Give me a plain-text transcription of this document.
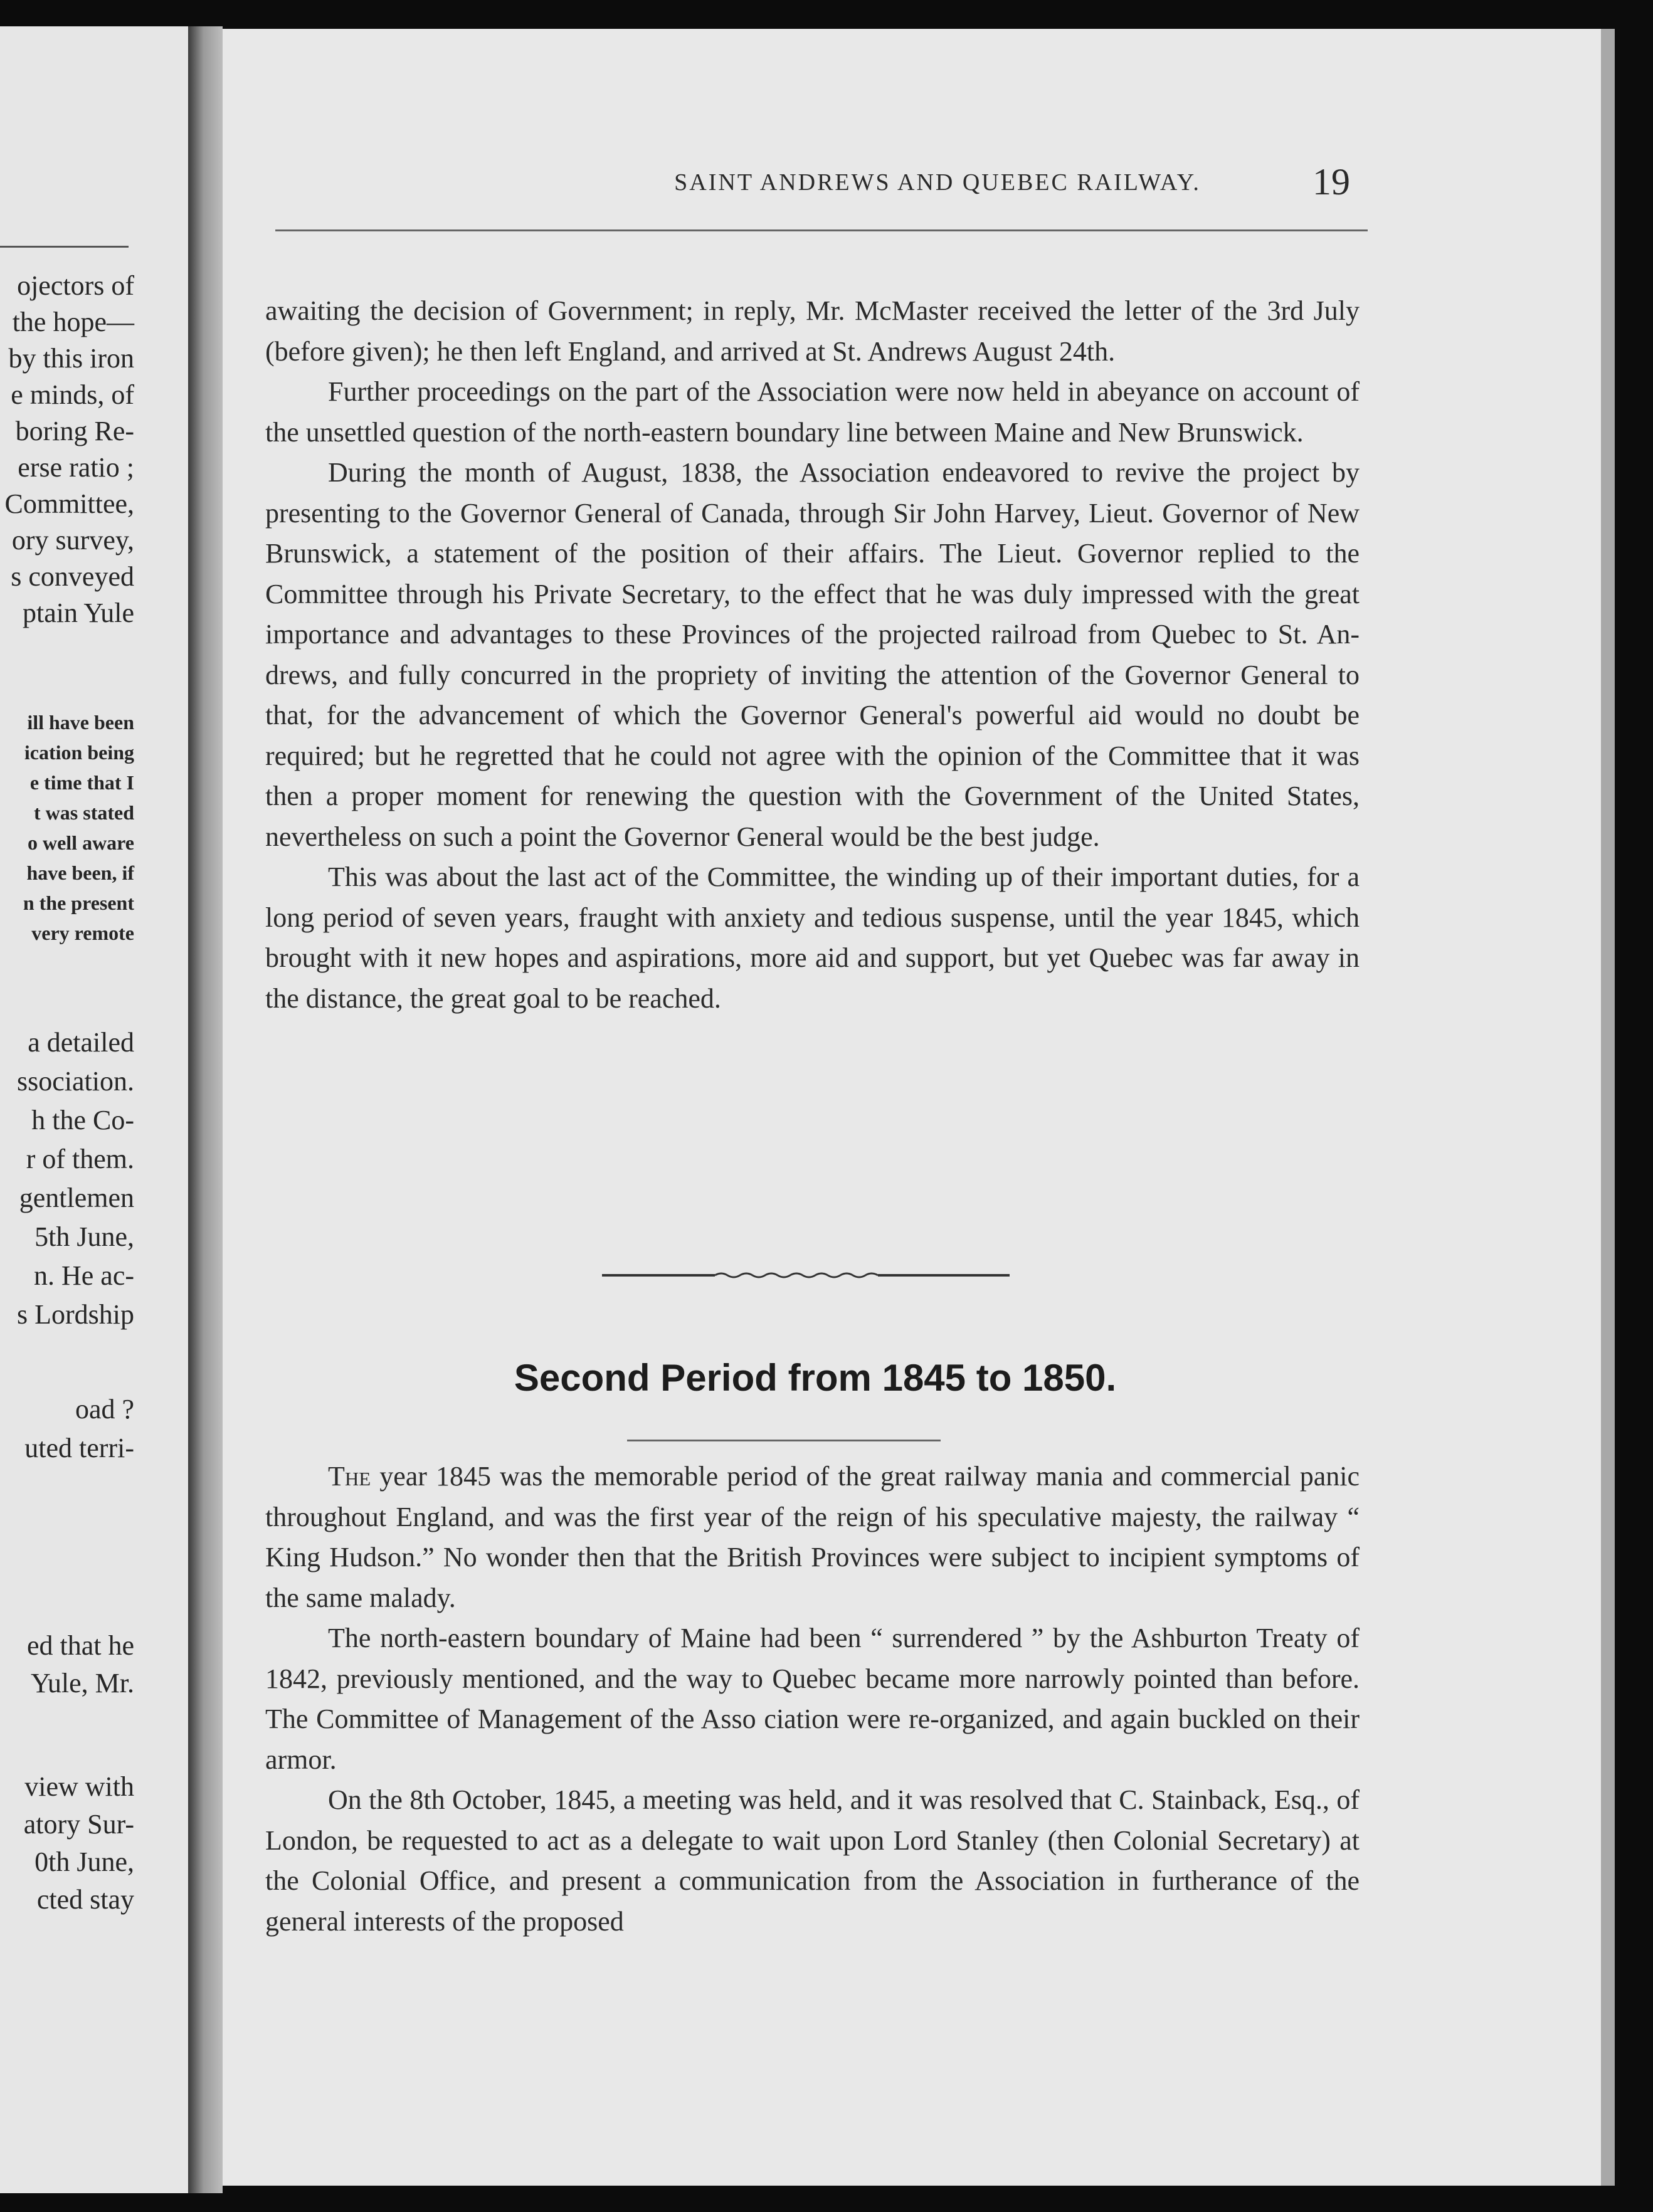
ojectors of
the hope—
by this iron
e minds, of
boring Re-
erse ratio ;
Committee,
ory survey,
s conveyed
ptain Yule
ill have been
ication being
e time that I
t was stated
o well aware
have been, if
n the present
very remote
a detailed
ssociation.
h the Co-
r of them.
gentlemen
5th June,
n. He ac-
s Lordship
oad ?
uted terri-
ed that he
Yule, Mr.
view with
atory Sur-
0th June,
cted stay
SAINT ANDREWS AND QUEBEC RAILWAY.	19

awaiting the decision of Government; in reply, Mr. McMaster received the letter of the 3rd July (before given); he then left England, and arrived at St. Andrews August 24th.

Further proceedings on the part of the Association were now held in abeyance on account of the unsettled question of the north-eastern boundary line between Maine and New Brunswick.

During the month of August, 1838, the Association endeavored to revive the project by presenting to the Governor General of Canada, through Sir John Harvey, Lieut. Governor of New Brunswick, a statement of the position of their affairs. The Lieut. Governor replied to the Committee through his Private Secretary, to the effect that he was duly impressed with the great importance and advantages to these Provinces of the projected railroad from Quebec to St. Andrews, and fully concurred in the propriety of inviting the attention of the Governor General to that, for the advancement of which the Governor General's powerful aid would no doubt be required; but he regretted that he could not agree with the opinion of the Committee that it was then a proper moment for renewing the question with the Government of the United States, nevertheless on such a point the Governor General would be the best judge.

This was about the last act of the Committee, the winding up of their important duties, for a long period of seven years, fraught with anxiety and tedious suspense, until the year 1845, which brought with it new hopes and aspirations, more aid and support, but yet Quebec was far away in the distance, the great goal to be reached.

Second Period from 1845 to 1850.

The year 1845 was the memorable period of the great railway mania and commercial panic throughout England, and was the first year of the reign of his speculative majesty, the railway “ King Hudson.” No wonder then that the British Provinces were subject to incipient symptoms of the same malady.

The north-eastern boundary of Maine had been “ surrendered ” by the Ashburton Treaty of 1842, previously mentioned, and the way to Quebec became more narrowly pointed than before. The Committee of Management of the Asso ciation were re-organized, and again buckled on their armor.

On the 8th October, 1845, a meeting was held, and it was resolved that C. Stainback, Esq., of London, be requested to act as a delegate to wait upon Lord Stanley (then Colonial Secretary) at the Colonial Office, and present a communication from the Association in furtherance of the general interests of the proposed
